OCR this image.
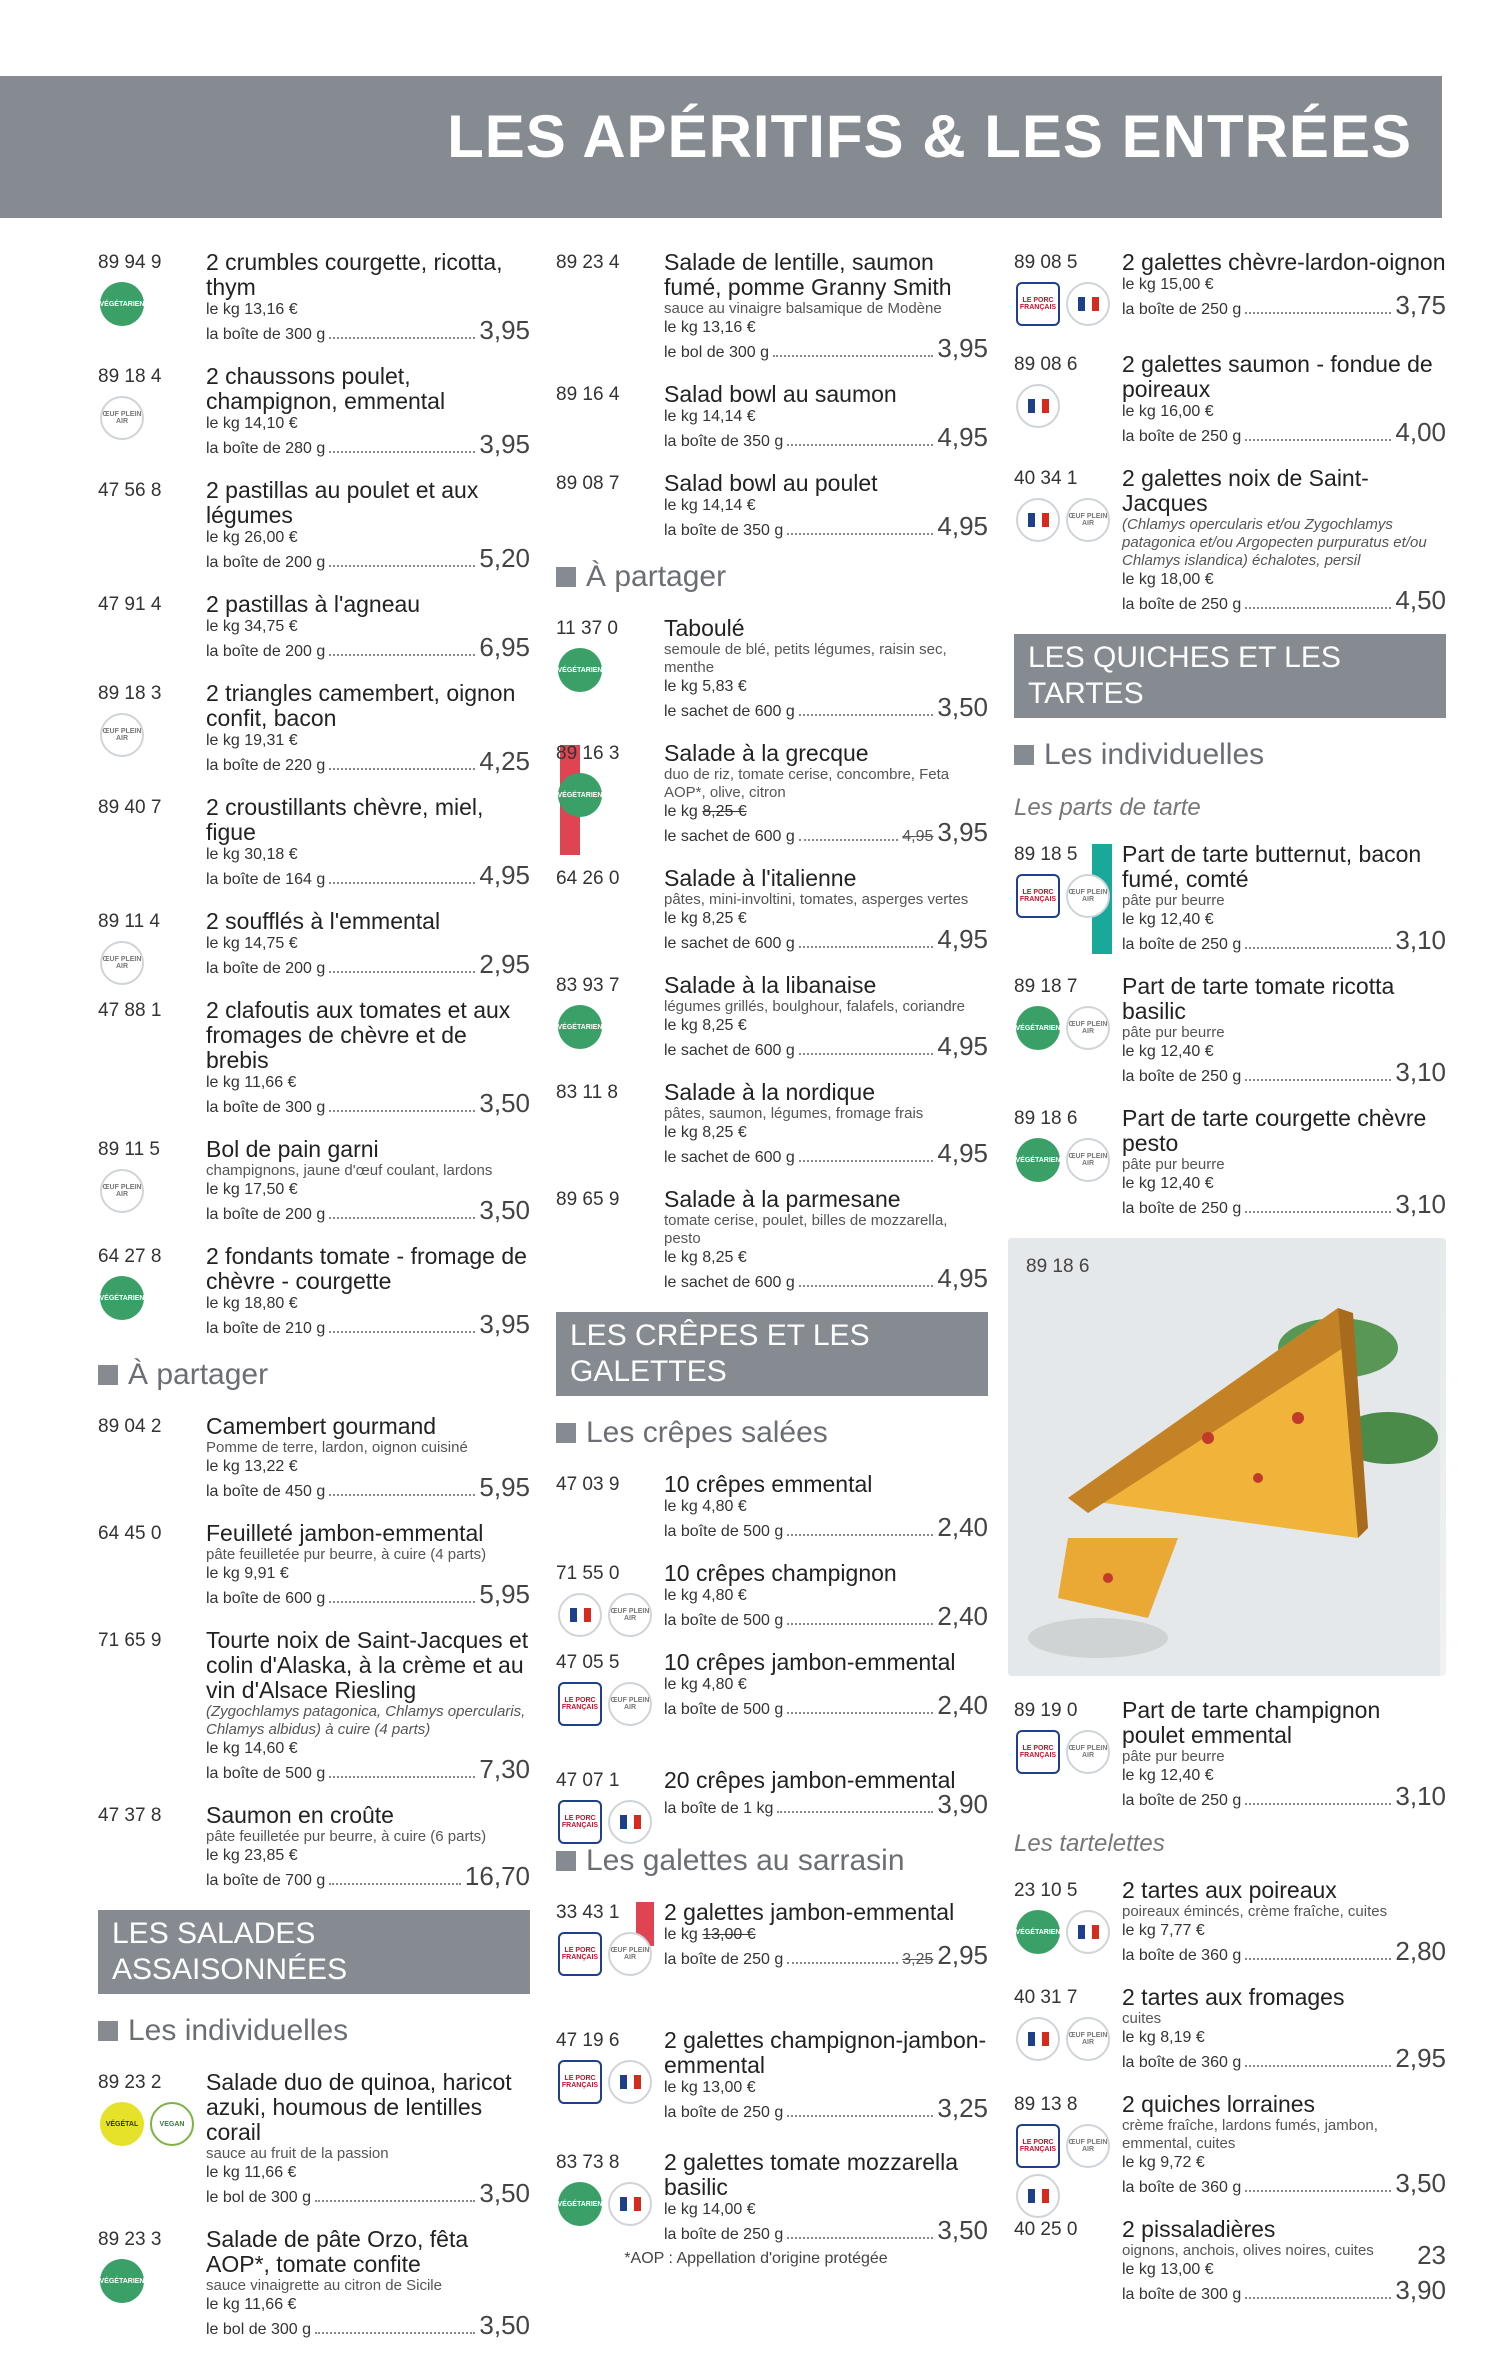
LES APÉRITIFS & LES ENTRÉES
89 94 9
VÉGÉTARIEN
2 crumbles courgette, ricotta, thym
le kg 13,16 €
la boîte de 300 g	3,95
89 18 4
ŒUF PLEIN AIR
2 chaussons poulet, champignon, emmental
le kg 14,10 €
la boîte de 280 g	3,95
47 56 8	2 pastillas au poulet et aux légumes
le kg 26,00 €
la boîte de 200 g	5,20
47 91 4	2 pastillas à l'agneau
le kg 34,75 €
la boîte de 200 g	6,95
89 18 3
ŒUF PLEIN AIR
2 triangles camembert, oignon confit, bacon
le kg 19,31 €
la boîte de 220 g	4,25
89 40 7	2 croustillants chèvre, miel, figue
le kg 30,18 €
la boîte de 164 g	4,95
89 11 4
ŒUF PLEIN AIR
2 soufflés à l'emmental
le kg 14,75 €
la boîte de 200 g	2,95
47 88 1	2 clafoutis aux tomates et aux fromages de chèvre et de brebis
le kg 11,66 €
la boîte de 300 g	3,50
89 11 5
ŒUF PLEIN AIR
Bol de pain garni
champignons, jaune d'œuf coulant, lardons
le kg 17,50 €
la boîte de 200 g	3,50
64 27 8
VÉGÉTARIEN
2 fondants tomate - fromage de chèvre - courgette
le kg 18,80 €
la boîte de 210 g	3,95
À partager
89 04 2	Camembert gourmand
Pomme de terre, lardon, oignon cuisiné
le kg 13,22 €
la boîte de 450 g	5,95
64 45 0	Feuilleté jambon-emmental
pâte feuilletée pur beurre, à cuire (4 parts)
le kg 9,91 €
la boîte de 600 g	5,95
71 65 9	Tourte noix de Saint-Jacques et colin d'Alaska, à la crème et au vin d'Alsace Riesling
(Zygochlamys patagonica, Chlamys opercularis, Chlamys albidus) à cuire (4 parts)
le kg 14,60 €
la boîte de 500 g	7,30
47 37 8	Saumon en croûte
pâte feuilletée pur beurre, à cuire (6 parts)
le kg 23,85 €
la boîte de 700 g	16,70
LES SALADES ASSAISONNÉES
Les individuelles
89 23 2
VÉGÉTAL	VEGAN
Salade duo de quinoa, haricot azuki, houmous de lentilles corail
sauce au fruit de la passion
le kg 11,66 €
le bol de 300 g	3,50
89 23 3
VÉGÉTARIEN
Salade de pâte Orzo, fêta AOP*, tomate confite
sauce vinaigrette au citron de Sicile
le kg 11,66 €
le bol de 300 g	3,50
89 23 4	Salade de lentille, saumon fumé, pomme Granny Smith
sauce au vinaigre balsamique de Modène
le kg 13,16 €
le bol de 300 g	3,95
89 16 4	Salad bowl au saumon
le kg 14,14 €
la boîte de 350 g	4,95
89 08 7	Salad bowl au poulet
le kg 14,14 €
la boîte de 350 g	4,95
À partager
11 37 0
VÉGÉTARIEN
Taboulé
semoule de blé, petits légumes, raisin sec, menthe
le kg 5,83 €
le sachet de 600 g	3,50
89 16 3
VÉGÉTARIEN
Salade à la grecque
duo de riz, tomate cerise, concombre, Feta AOP*, olive, citron
le kg 8,25 €
le sachet de 600 g	4,95 3,95
64 26 0	Salade à l'italienne
pâtes, mini-involtini, tomates, asperges vertes
le kg 8,25 €
le sachet de 600 g	4,95
83 93 7
VÉGÉTARIEN
Salade à la libanaise
légumes grillés, boulghour, falafels, coriandre
le kg 8,25 €
le sachet de 600 g	4,95
83 11 8	Salade à la nordique
pâtes, saumon, légumes, fromage frais
le kg 8,25 €
le sachet de 600 g	4,95
89 65 9	Salade à la parmesane
tomate cerise, poulet, billes de mozzarella, pesto
le kg 8,25 €
le sachet de 600 g	4,95
LES CRÊPES ET LES GALETTES
Les crêpes salées
47 03 9	10 crêpes emmental
le kg 4,80 €
la boîte de 500 g	2,40
71 55 0
ŒUF PLEIN AIR
10 crêpes champignon
le kg 4,80 €
la boîte de 500 g	2,40
47 05 5
LE PORC FRANÇAIS
ŒUF PLEIN AIR
10 crêpes jambon-emmental
le kg 4,80 €
la boîte de 500 g	2,40
47 07 1
LE PORC FRANÇAIS
20 crêpes jambon-emmental
la boîte de 1 kg	3,90
Les galettes au sarrasin
33 43 1
LE PORC FRANÇAIS
ŒUF PLEIN AIR
2 galettes jambon-emmental
le kg 13,00 €
la boîte de 250 g	3,25 2,95
47 19 6
LE PORC FRANÇAIS
2 galettes champignon-jambon-emmental
le kg 13,00 €
la boîte de 250 g	3,25
83 73 8
VÉGÉTARIEN
2 galettes tomate mozzarella basilic
le kg 14,00 €
la boîte de 250 g	3,50
89 08 5
LE PORC FRANÇAIS
2 galettes chèvre-lardon-oignon
le kg 15,00 €
la boîte de 250 g	3,75
89 08 6	2 galettes saumon - fondue de poireaux
le kg 16,00 €
la boîte de 250 g	4,00
40 34 1
ŒUF PLEIN AIR
2 galettes noix de Saint-Jacques
(Chlamys opercularis et/ou Zygochlamys patagonica et/ou Argopecten purpuratus et/ou Chlamys islandica) échalotes, persil
le kg 18,00 €
la boîte de 250 g	4,50
LES QUICHES ET LES TARTES
Les individuelles
Les parts de tarte
89 18 5
LE PORC FRANÇAIS
ŒUF PLEIN AIR
Part de tarte butternut, bacon fumé, comté
pâte pur beurre
le kg 12,40 €
la boîte de 250 g	3,10
89 18 7
VÉGÉTARIEN	ŒUF PLEIN AIR
Part de tarte tomate ricotta basilic
pâte pur beurre
le kg 12,40 €
la boîte de 250 g	3,10
89 18 6
VÉGÉTARIEN	ŒUF PLEIN AIR
Part de tarte courgette chèvre pesto
pâte pur beurre
le kg 12,40 €
la boîte de 250 g	3,10
89 18 6
89 19 0
LE PORC FRANÇAIS
ŒUF PLEIN AIR
Part de tarte champignon poulet emmental
pâte pur beurre
le kg 12,40 €
la boîte de 250 g	3,10
Les tartelettes
23 10 5
VÉGÉTARIEN
2 tartes aux poireaux
poireaux émincés, crème fraîche, cuites
le kg 7,77 €
la boîte de 360 g	2,80
40 31 7
ŒUF PLEIN AIR
2 tartes aux fromages
cuites
le kg 8,19 €
la boîte de 360 g	2,95
89 13 8
LE PORC FRANÇAIS
ŒUF PLEIN AIR
2 quiches lorraines
crème fraîche, lardons fumés, jambon, emmental, cuites
le kg 9,72 €
la boîte de 360 g	3,50
40 25 0	2 pissaladières
oignons, anchois, olives noires, cuites
le kg 13,00 €
la boîte de 300 g	3,90
*AOP : Appellation d'origine protégée	23
